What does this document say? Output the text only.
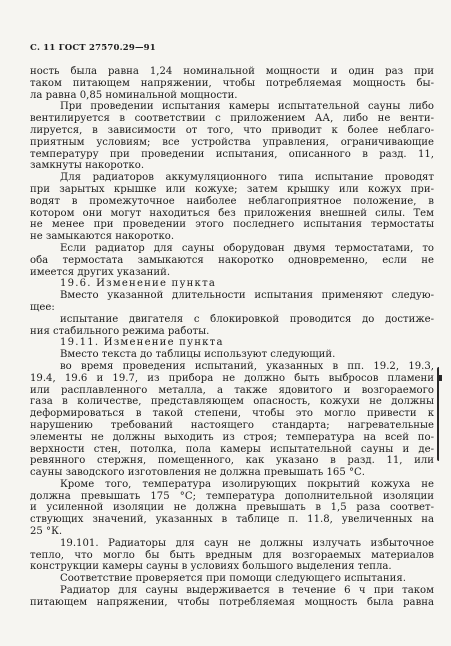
С. 11 ГОСТ 27570.29—91
ность была равна 1,24 номинальной мощности и один раз при
таком питающем напряжении, чтобы потребляемая мощность бы-
ла равна 0,85 номинальной мощности.
При проведении испытания камеры испытательной сауны либо
вентилируется в соответствии с приложением АА, либо не венти-
лируется, в зависимости от того, что приводит к более неблаго-
приятным условиям; все устройства управления, ограничивающие
температуру при проведении испытания, описанного в разд. 11,
замкнуты накоротко.
Для радиаторов аккумуляционного типа испытание проводят
при зарытых крышке или кожухе; затем крышку или кожух при-
водят в промежуточное наиболее неблагоприятное положение, в
котором они могут находиться без приложения внешней силы. Тем
не менее при проведении этого последнего испытания термостаты
не замыкаются накоротко.
Если радиатор для сауны оборудован двумя термостатами, то
оба термостата замыкаются накоротко одновременно, если не
имеется других указаний.
19.6. Изменение пункта
Вместо указанной длительности испытания применяют следую-
щее:
испытание двигателя с блокировкой проводится до достиже-
ния стабильного режима работы.
19.11. Изменение пункта
Вместо текста до таблицы используют следующий.
во время проведения испытаний, указанных в пп. 19.2, 19.3,
19.4, 19.6 и 19.7, из прибора не должно быть выбросов пламени
или расплавленного металла, а также ядовитого и возгораемого
газа в количестве, представляющем опасность, кожухи не должны
деформироваться в такой степени, чтобы это могло привести к
нарушению требований настоящего стандарта; нагревательные
элементы не должны выходить из строя; температура на всей по-
верхности стен, потолка, пола камеры испытательной сауны и де-
ревянного стержня, помещенного, как указано в разд. 11, или
сауны заводского изготовления не должна превышать 165 °С.
Кроме того, температура изолирующих покрытий кожуха не
должна превышать 175 °С; температура дополнительной изоляции
и усиленной изоляции не должна превышать в 1,5 раза соответ-
ствующих значений, указанных в таблице п. 11.8, увеличенных на
25 °К.
19.101. Радиаторы для саун не должны излучать избыточное
тепло, что могло бы быть вредным для возгораемых материалов
конструкции камеры сауны в условиях большого выделения тепла.
Соответствие проверяется при помощи следующего испытания.
Радиатор для сауны выдерживается в течение 6 ч при таком
питающем напряжении, чтобы потребляемая мощность была равна
